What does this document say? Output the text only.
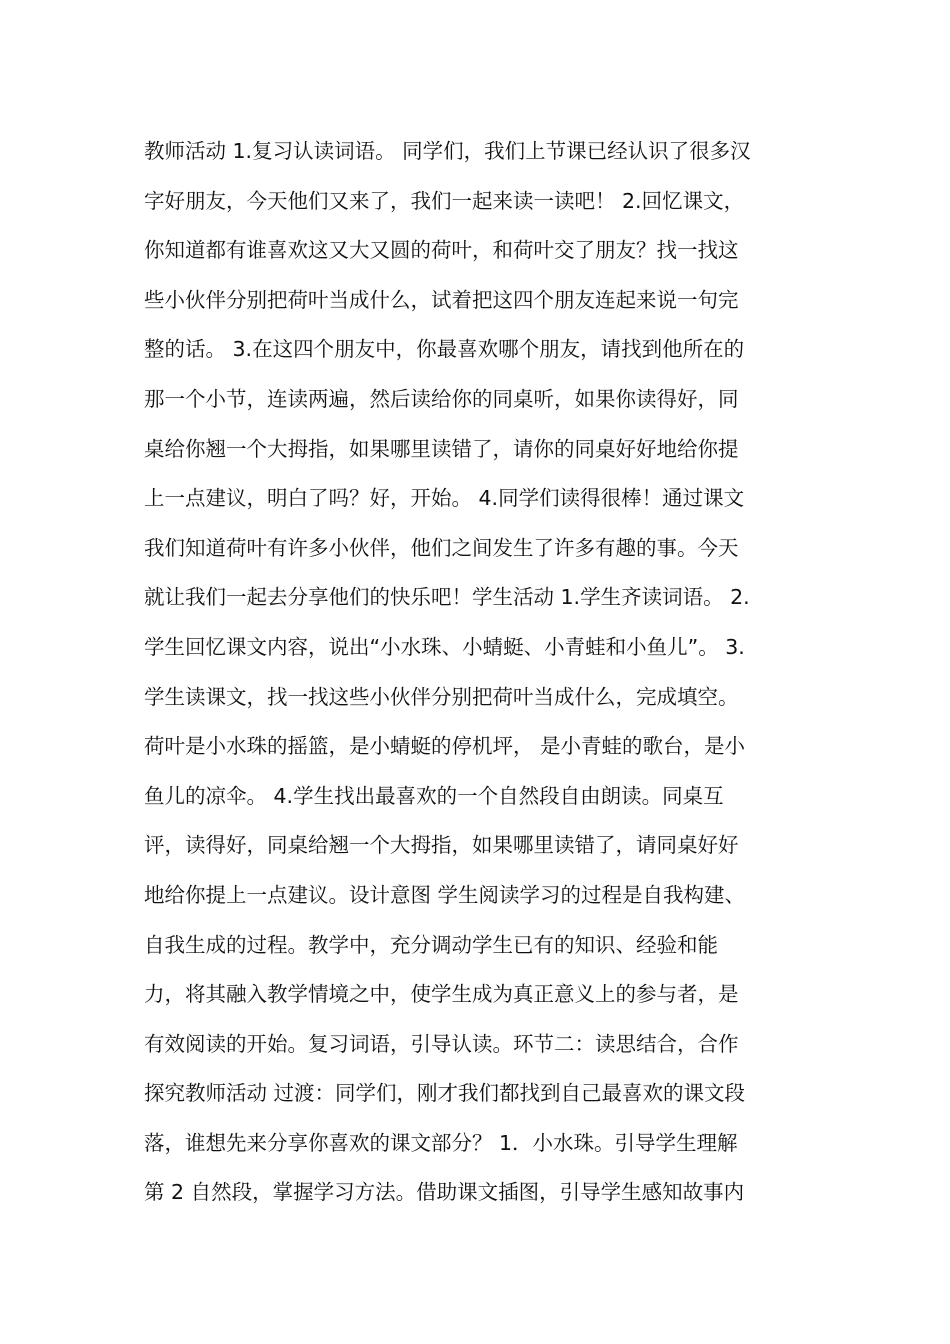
教师活动 1.复习认读词语。 同学们，我们上节课已经认识了很多汉
字好朋友，今天他们又来了，我们一起来读一读吧！ 2.回忆课文，
你知道都有谁喜欢这又大又圆的荷叶，和荷叶交了朋友？找一找这
些小伙伴分别把荷叶当成什么，试着把这四个朋友连起来说一句完
整的话。 3.在这四个朋友中，你最喜欢哪个朋友，请找到他所在的
那一个小节，连读两遍，然后读给你的同桌听，如果你读得好，同
桌给你翘一个大拇指，如果哪里读错了，请你的同桌好好地给你提
上一点建议，明白了吗？好，开始。 4.同学们读得很棒！通过课文
我们知道荷叶有许多小伙伴，他们之间发生了许多有趣的事。今天
就让我们一起去分享他们的快乐吧！学生活动 1.学生齐读词语。 2.
学生回忆课文内容，说出“小水珠、小蜻蜓、小青蛙和小鱼儿”。 3.
学生读课文，找一找这些小伙伴分别把荷叶当成什么，完成填空。
荷叶是小水珠的摇篮，是小蜻蜓的停机坪， 是小青蛙的歌台，是小
鱼儿的凉伞。 4.学生找出最喜欢的一个自然段自由朗读。同桌互
评，读得好，同桌给翘一个大拇指，如果哪里读错了，请同桌好好
地给你提上一点建议。设计意图 学生阅读学习的过程是自我构建、
自我生成的过程。教学中，充分调动学生已有的知识、经验和能
力，将其融入教学情境之中，使学生成为真正意义上的参与者，是
有效阅读的开始。复习词语，引导认读。环节二：读思结合，合作
探究教师活动 过渡：同学们，刚才我们都找到自己最喜欢的课文段
落，谁想先来分享你喜欢的课文部分？ 1．小水珠。引导学生理解
第 2 自然段，掌握学习方法。借助课文插图，引导学生感知故事内
